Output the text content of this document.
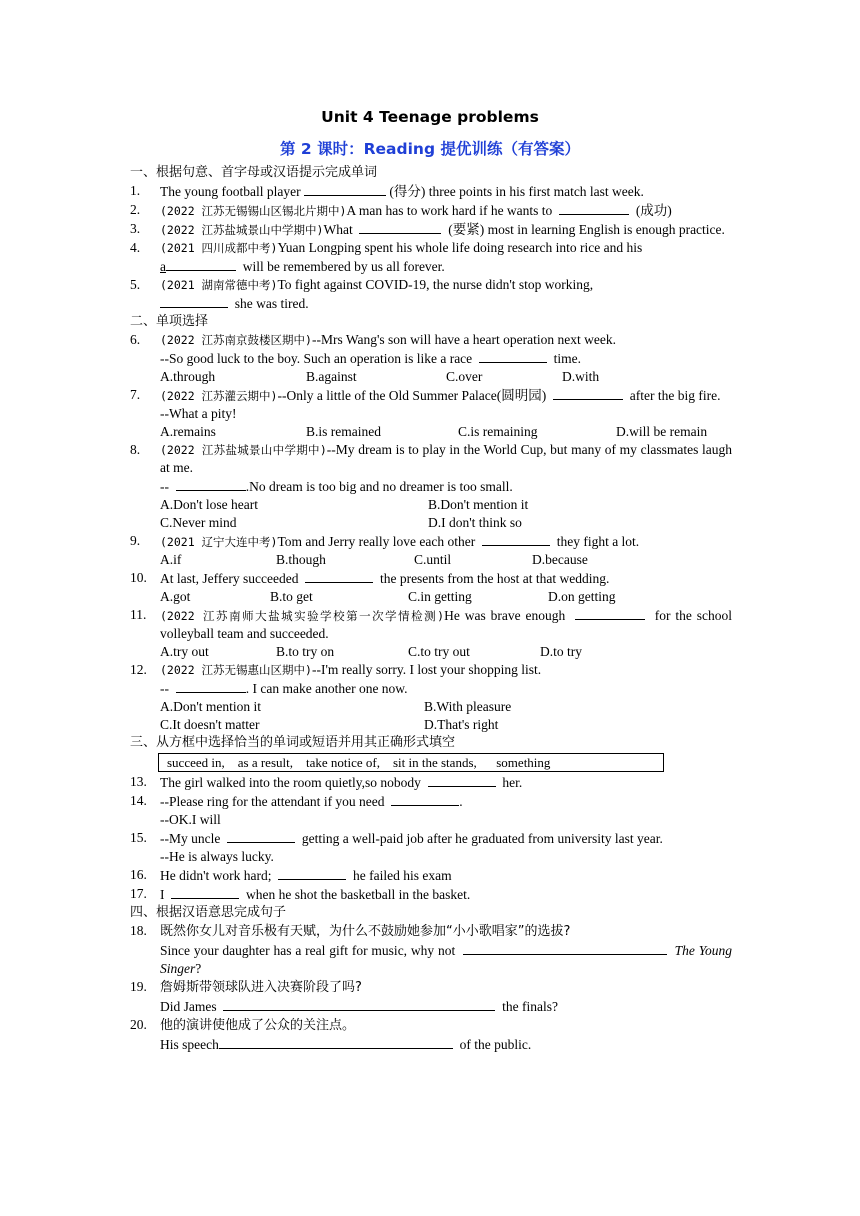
Unit 4 Teenage problems
第 2 课时：Reading 提优训练（有答案）
一、根据句意、首字母或汉语提示完成单词
1. The young football player	(得分) three points in his first match last week.
2. (2022 江苏无锡锡山区锡北片期中)A man has to work hard if he wants to	(成功)
3. (2022 江苏盐城景山中学期中)What	(要紧) most in learning English is enough practice.
4. (2021 四川成都中考)Yuan Longping spent his whole life doing research into rice and his
a	will be remembered by us all forever.
5. (2021 湖南常德中考)To fight against COVID-19, the nurse didn't stop working,
she was tired.
二、单项选择
6. (2022 江苏南京鼓楼区期中)--Mrs Wang's son will have a heart operation next week.
--So good luck to the boy. Such an operation is like a race	time.
A.through	B.against	C.over	D.with
7. (2022 江苏灌云期中)--Only a little of the Old Summer Palace(圆明园)	after the big fire.
--What a pity!
A.remains	B.is remained	C.is remaining	D.will be remain
8. (2022 江苏盐城景山中学期中)--My dream is to play in the World Cup, but many of my classmates laugh at me.
--	.No dream is too big and no dreamer is too small.
A.Don't lose heart	B.Don't mention it
C.Never mind	D.I don't think so
9. (2021 辽宁大连中考)Tom and Jerry really love each other	they fight a lot.
A.if	B.though	C.until	D.because
10. At last, Jeffery succeeded	the presents from the host at that wedding.
A.got	B.to get	C.in getting	D.on getting
11. (2022 江苏南师大盐城实验学校第一次学情检测)He was brave enough	for the school volleyball team and succeeded.
A.try out	B.to try on	C.to try out	D.to try
12. (2022 江苏无锡惠山区期中)--I'm really sorry. I lost your shopping list.
--	. I can make another one now.
A.Don't mention it	B.With pleasure
C.It doesn't matter	D.That's right
三、从方框中选择恰当的单词或短语并用其正确形式填空
succeed in,    as a result,    take notice of,    sit in the stands,      something
13. The girl walked into the room quietly,so nobody	her.
14. --Please ring for the attendant if you need	.
--OK.I will
15. --My uncle	getting a well-paid job after he graduated from university last year.
--He is always lucky.
16. He didn't work hard;	he failed his exam
17. I	when he shot the basketball in the basket.
四、根据汉语意思完成句子
18. 既然你女儿对音乐极有天赋，为什么不鼓励她参加“小小歌唱家”的选拔?
Since your daughter has a real gift for music, why not	The Young Singer?
19. 詹姆斯带领球队进入决赛阶段了吗?
Did James	the finals?
20. 他的演讲使他成了公众的关注点。
His speech	of the public.
